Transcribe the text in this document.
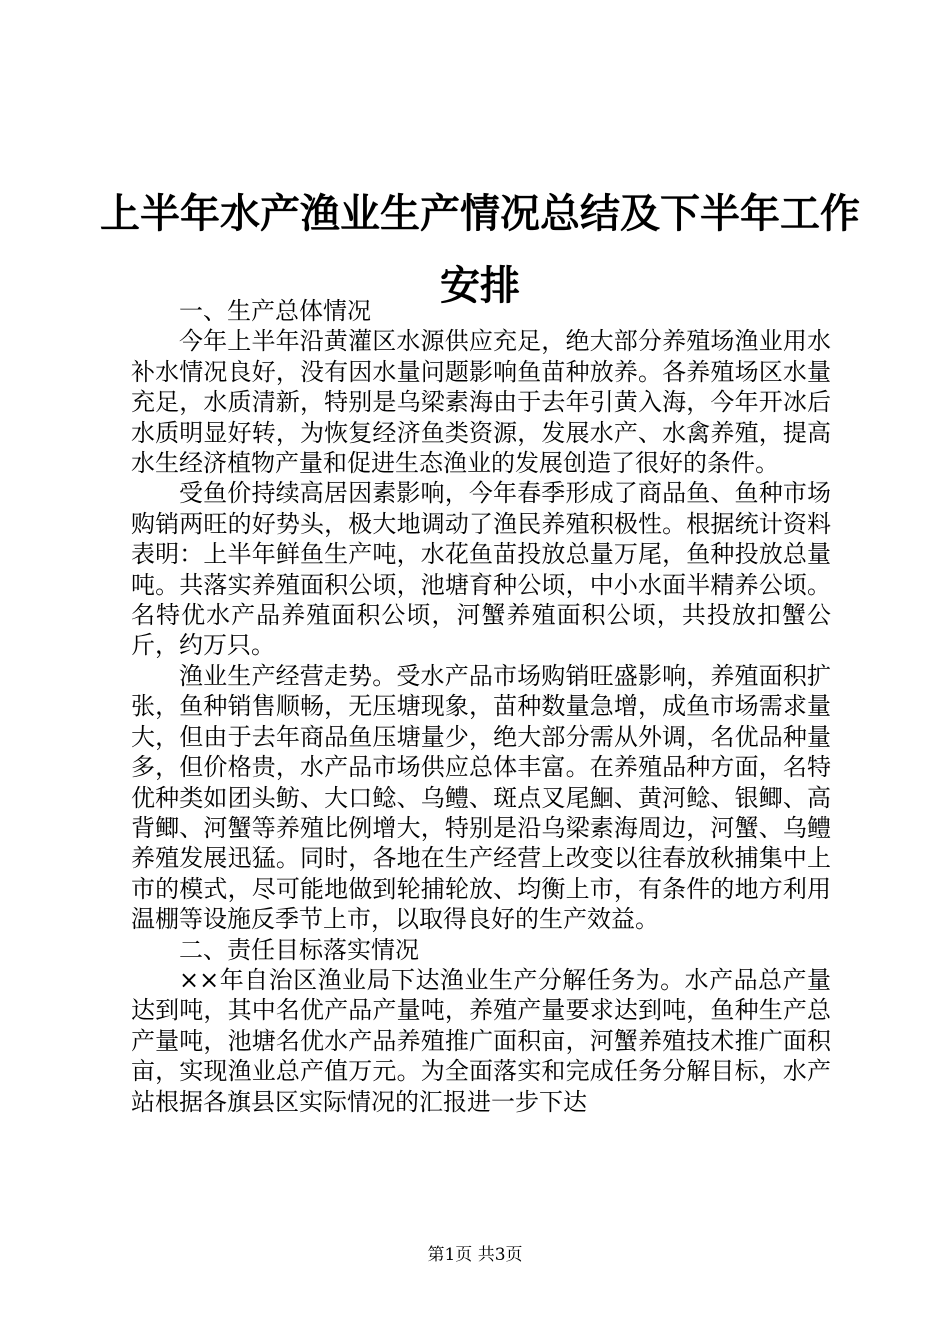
上半年水产渔业生产情况总结及下半年工作安排

一、生产总体情况

今年上半年沿黄灌区水源供应充足，绝大部分养殖场渔业用水补水情况良好，没有因水量问题影响鱼苗种放养。各养殖场区水量充足，水质清新，特别是乌梁素海由于去年引黄入海，今年开冰后水质明显好转，为恢复经济鱼类资源，发展水产、水禽养殖，提高水生经济植物产量和促进生态渔业的发展创造了很好的条件。

受鱼价持续高居因素影响，今年春季形成了商品鱼、鱼种市场购销两旺的好势头，极大地调动了渔民养殖积极性。根据统计资料表明：上半年鲜鱼生产吨，水花鱼苗投放总量万尾，鱼种投放总量吨。共落实养殖面积公顷，池塘育种公顷，中小水面半精养公顷。名特优水产品养殖面积公顷，河蟹养殖面积公顷，共投放扣蟹公斤，约万只。

渔业生产经营走势。受水产品市场购销旺盛影响，养殖面积扩张，鱼种销售顺畅，无压塘现象，苗种数量急增，成鱼市场需求量大，但由于去年商品鱼压塘量少，绝大部分需从外调，名优品种量多，但价格贵，水产品市场供应总体丰富。在养殖品种方面，名特优种类如团头鲂、大口鲶、乌鳢、斑点叉尾鮰、黄河鲶、银鲫、高背鲫、河蟹等养殖比例增大，特别是沿乌梁素海周边，河蟹、乌鳢养殖发展迅猛。同时，各地在生产经营上改变以往春放秋捕集中上市的模式，尽可能地做到轮捕轮放、均衡上市，有条件的地方利用温棚等设施反季节上市，以取得良好的生产效益。

二、责任目标落实情况

××年自治区渔业局下达渔业生产分解任务为。水产品总产量达到吨，其中名优产品产量吨，养殖产量要求达到吨，鱼种生产总产量吨，池塘名优水产品养殖推广面积亩，河蟹养殖技术推广面积亩，实现渔业总产值万元。为全面落实和完成任务分解目标，水产站根据各旗县区实际情况的汇报进一步下达

第1页 共3页
